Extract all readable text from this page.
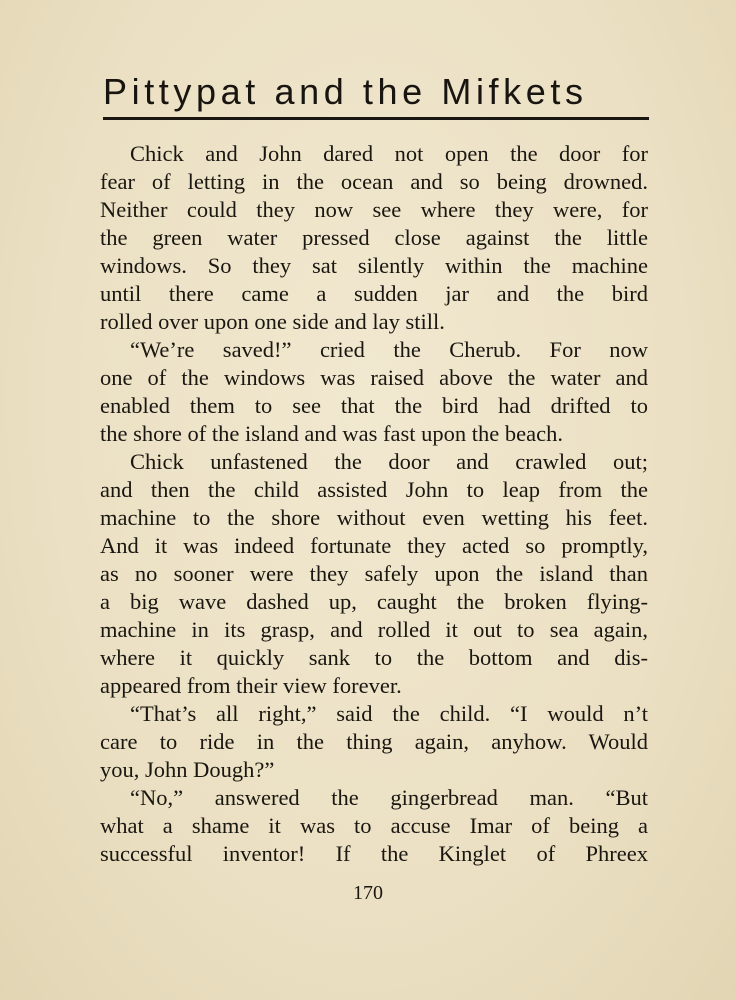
Pittypat and the Mifkets
Chick and John dared not open the door for
fear of letting in the ocean and so being drowned.
Neither could they now see where they were, for
the green water pressed close against the little
windows. So they sat silently within the machine
until there came a sudden jar and the bird
rolled over upon one side and lay still.
“We’re saved!” cried the Cherub. For now
one of the windows was raised above the water and
enabled them to see that the bird had drifted to
the shore of the island and was fast upon the beach.
Chick unfastened the door and crawled out;
and then the child assisted John to leap from the
machine to the shore without even wetting his feet.
And it was indeed fortunate they acted so promptly,
as no sooner were they safely upon the island than
a big wave dashed up, caught the broken flying-
machine in its grasp, and rolled it out to sea again,
where it quickly sank to the bottom and dis-
appeared from their view forever.
“That’s all right,” said the child. “I would n’t
care to ride in the thing again, anyhow. Would
you, John Dough?”
“No,” answered the gingerbread man. “But
what a shame it was to accuse Imar of being a
successful inventor! If the Kinglet of Phreex
170
